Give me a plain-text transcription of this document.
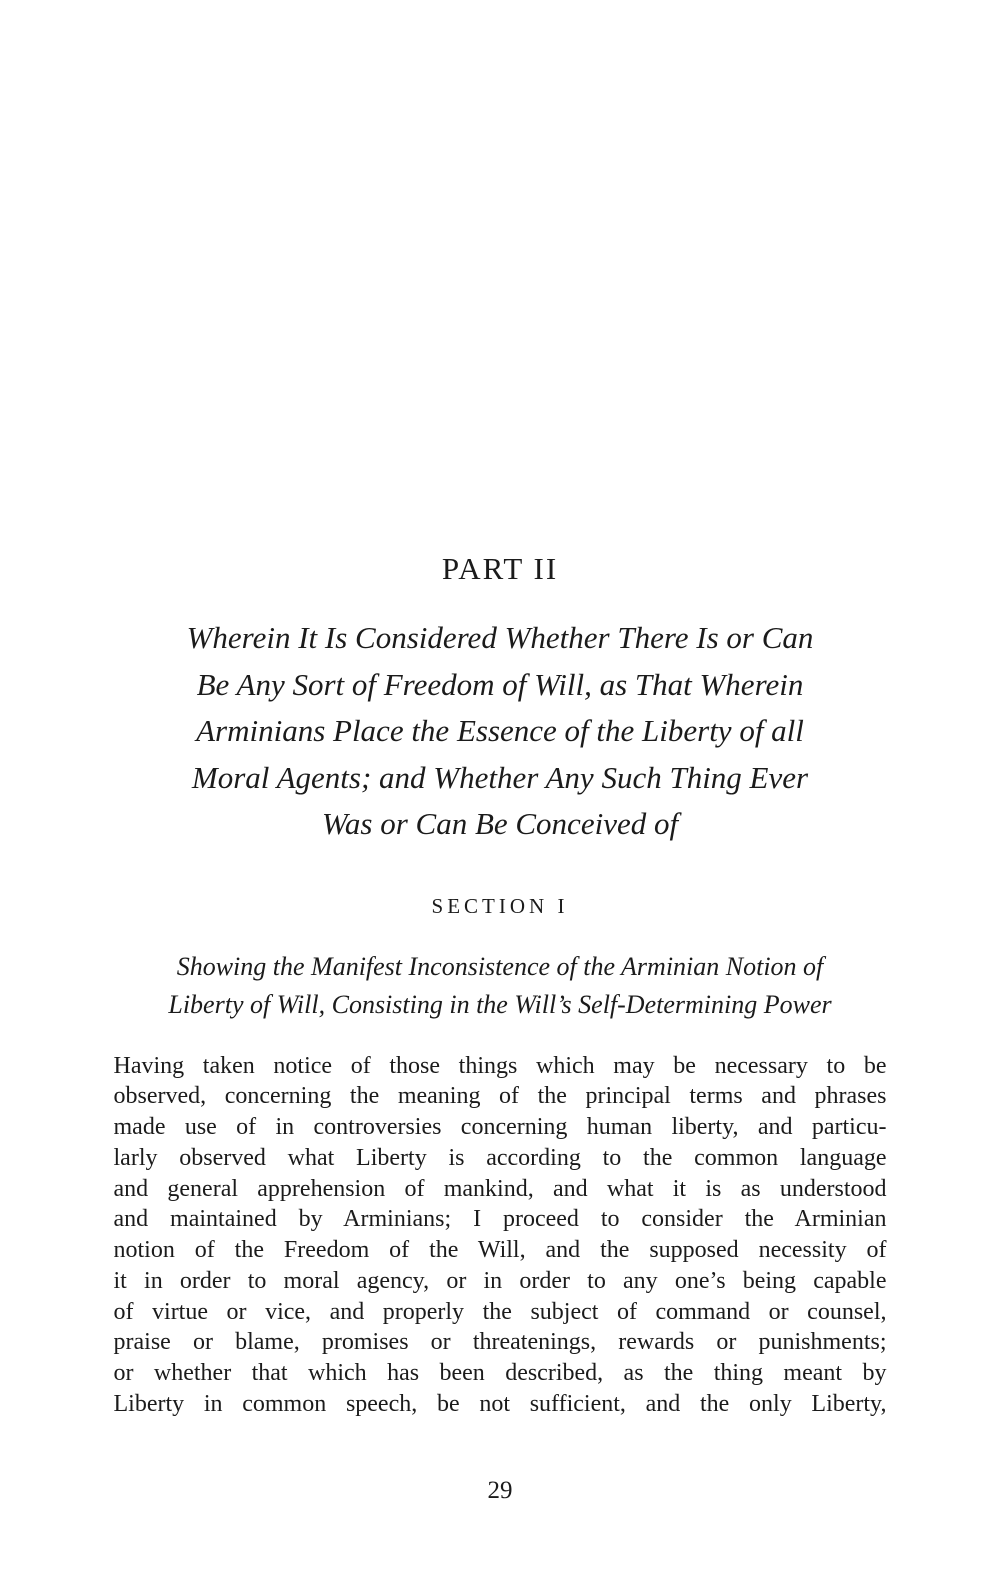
PART II
Wherein It Is Considered Whether There Is or Can
Be Any Sort of Freedom of Will, as That Wherein
Arminians Place the Essence of the Liberty of all
Moral Agents; and Whether Any Such Thing Ever
Was or Can Be Conceived of
SECTION I
Showing the Manifest Inconsistence of the Arminian Notion of
Liberty of Will, Consisting in the Will’s Self-Determining Power
Having taken notice of those things which may be necessary to be
observed, concerning the meaning of the principal terms and phrases
made use of in controversies concerning human liberty, and particu-
larly observed what Liberty is according to the common language
and general apprehension of mankind, and what it is as understood
and maintained by Arminians; I proceed to consider the Arminian
notion of the Freedom of the Will, and the supposed necessity of
it in order to moral agency, or in order to any one’s being capable
of virtue or vice, and properly the subject of command or counsel,
praise or blame, promises or threatenings, rewards or punishments;
or whether that which has been described, as the thing meant by
Liberty in common speech, be not sufficient, and the only Liberty,
29
